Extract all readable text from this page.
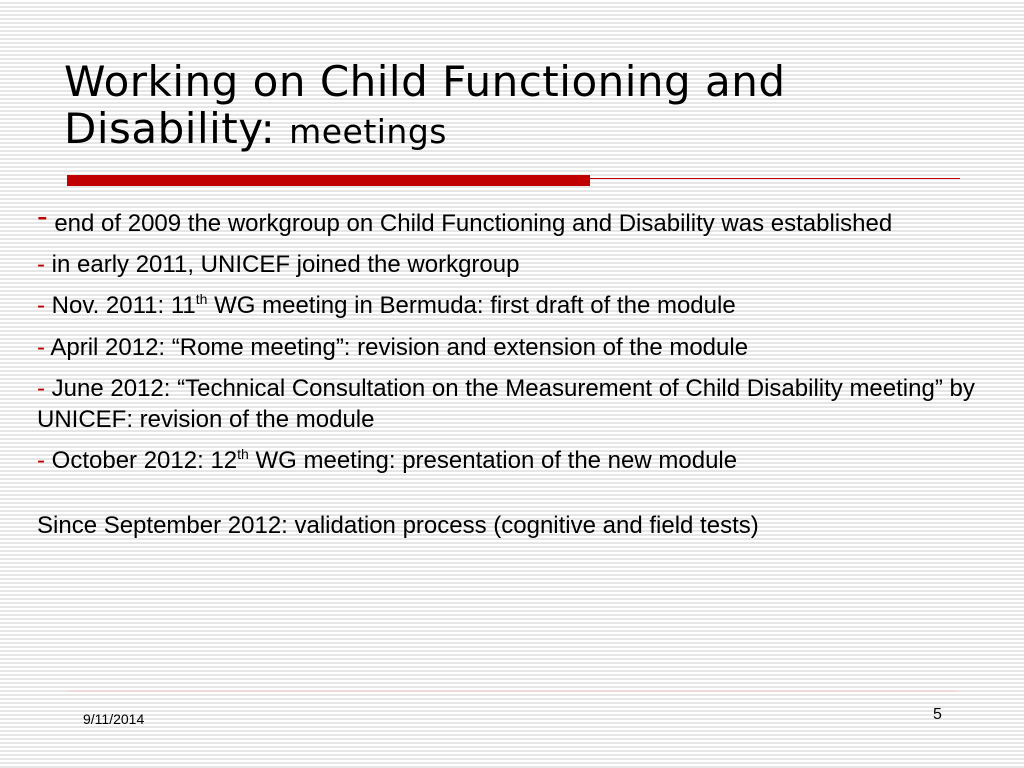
Working on Child Functioning and Disability: meetings
- end of 2009 the workgroup on Child Functioning and Disability was established
- in early 2011, UNICEF joined the workgroup
- Nov. 2011: 11th WG meeting in Bermuda: first draft of the module
- April 2012: “Rome meeting”: revision and extension of the module
- June 2012: “Technical Consultation on the Measurement of Child Disability meeting” by UNICEF: revision of the module
- October 2012: 12th WG meeting: presentation of the new module
Since September 2012: validation process (cognitive and field tests)
9/11/2014	5
